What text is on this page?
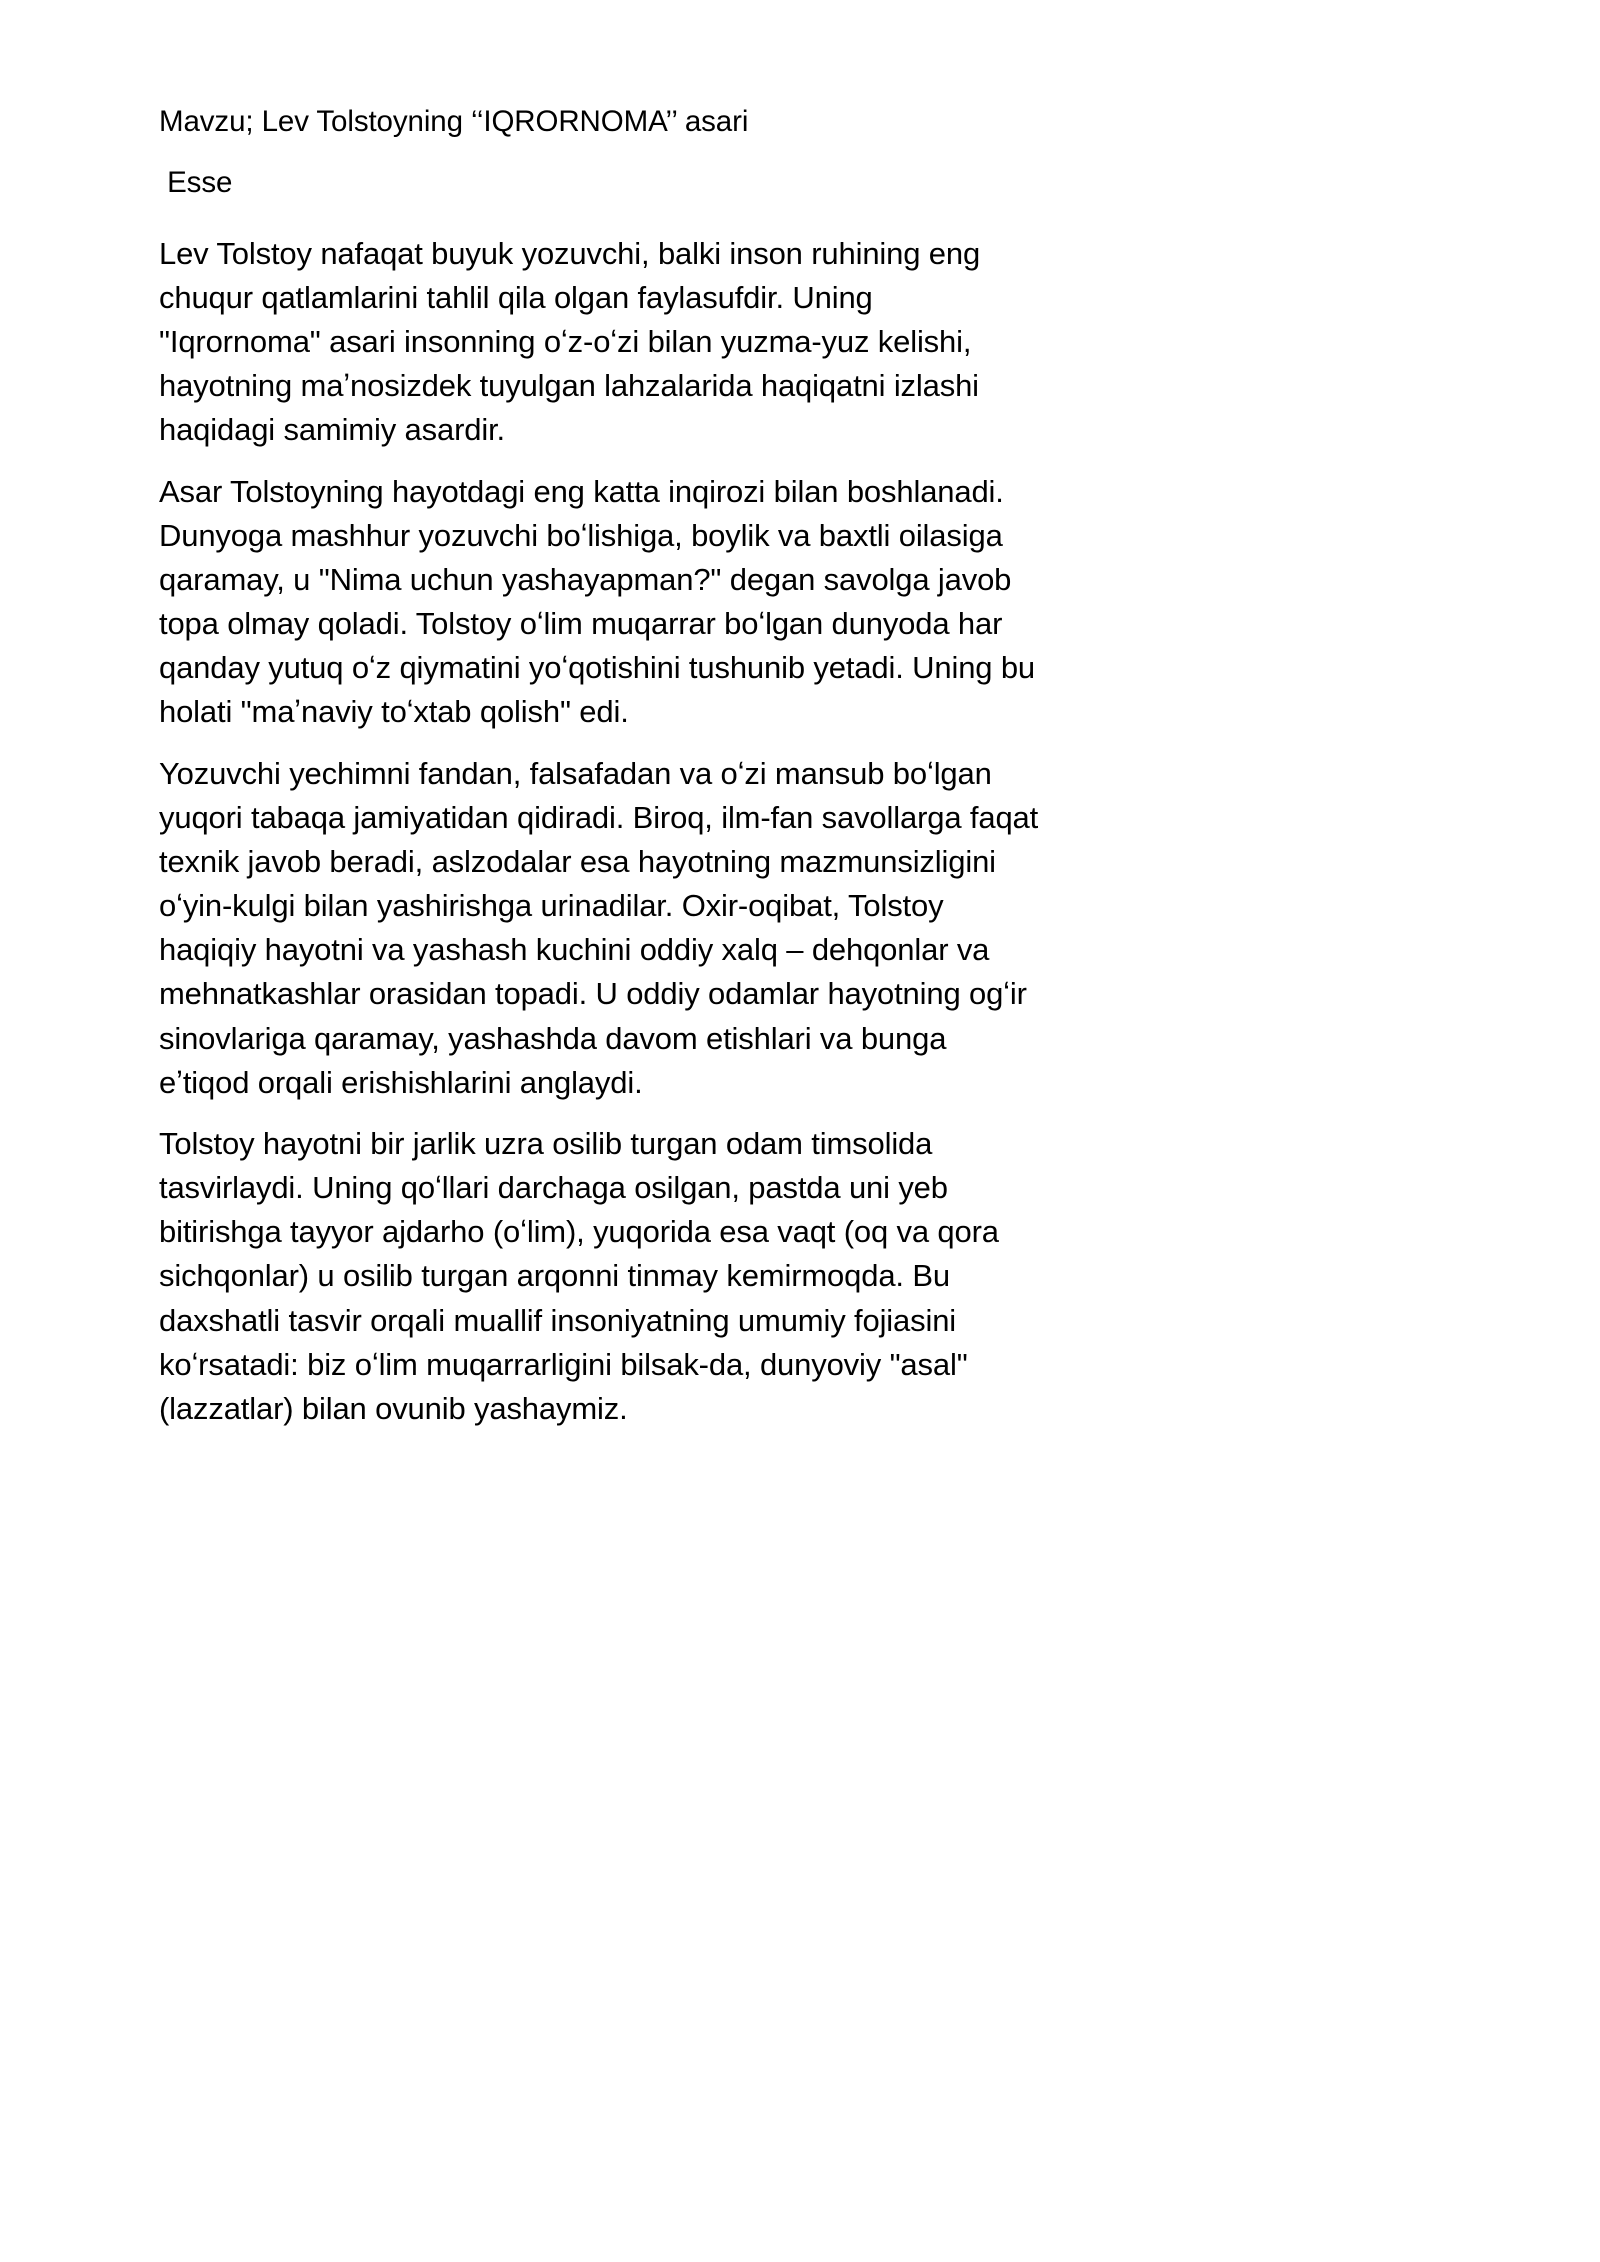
Mavzu; Lev Tolstoyning ‘‘IQRORNOMA’’ asari
Esse

Lev Tolstoy nafaqat buyuk yozuvchi, balki inson ruhining eng chuqur qatlamlarini tahlil qila olgan faylasufdir. Uning "Iqrornoma" asari insonning oʻz-oʻzi bilan yuzma-yuz kelishi, hayotning maʼnosizdek tuyulgan lahzalarida haqiqatni izlashi haqidagi samimiy asardir.

Asar Tolstoyning hayotdagi eng katta inqirozi bilan boshlanadi. Dunyoga mashhur yozuvchi boʻlishiga, boylik va baxtli oilasiga qaramay, u "Nima uchun yashayapman?" degan savolga javob topa olmay qoladi. Tolstoy oʻlim muqarrar boʻlgan dunyoda har qanday yutuq oʻz qiymatini yoʻqotishini tushunib yetadi. Uning bu holati "maʼnaviy toʻxtab qolish" edi.

Yozuvchi yechimni fandan, falsafadan va oʻzi mansub boʻlgan yuqori tabaqa jamiyatidan qidiradi. Biroq, ilm-fan savollarga faqat texnik javob beradi, aslzodalar esa hayotning mazmunsizligini oʻyin-kulgi bilan yashirishga urinadilar. Oxir-oqibat, Tolstoy haqiqiy hayotni va yashash kuchini oddiy xalq – dehqonlar va mehnatkashlar orasidan topadi. U oddiy odamlar hayotning ogʻir sinovlariga qaramay, yashashda davom etishlari va bunga eʼtiqod orqali erishishlarini anglaydi.

Tolstoy hayotni bir jarlik uzra osilib turgan odam timsolida tasvirlaydi. Uning qoʻllari darchaga osilgan, pastda uni yeb bitirishga tayyor ajdarho (oʻlim), yuqorida esa vaqt (oq va qora sichqonlar) u osilib turgan arqonni tinmay kemirmoqda. Bu daxshatli tasvir orqali muallif insoniyatning umumiy fojiasini koʻrsatadi: biz oʻlim muqarrarligini bilsak-da, dunyoviy "asal" (lazzatlar) bilan ovunib yashaymiz.
